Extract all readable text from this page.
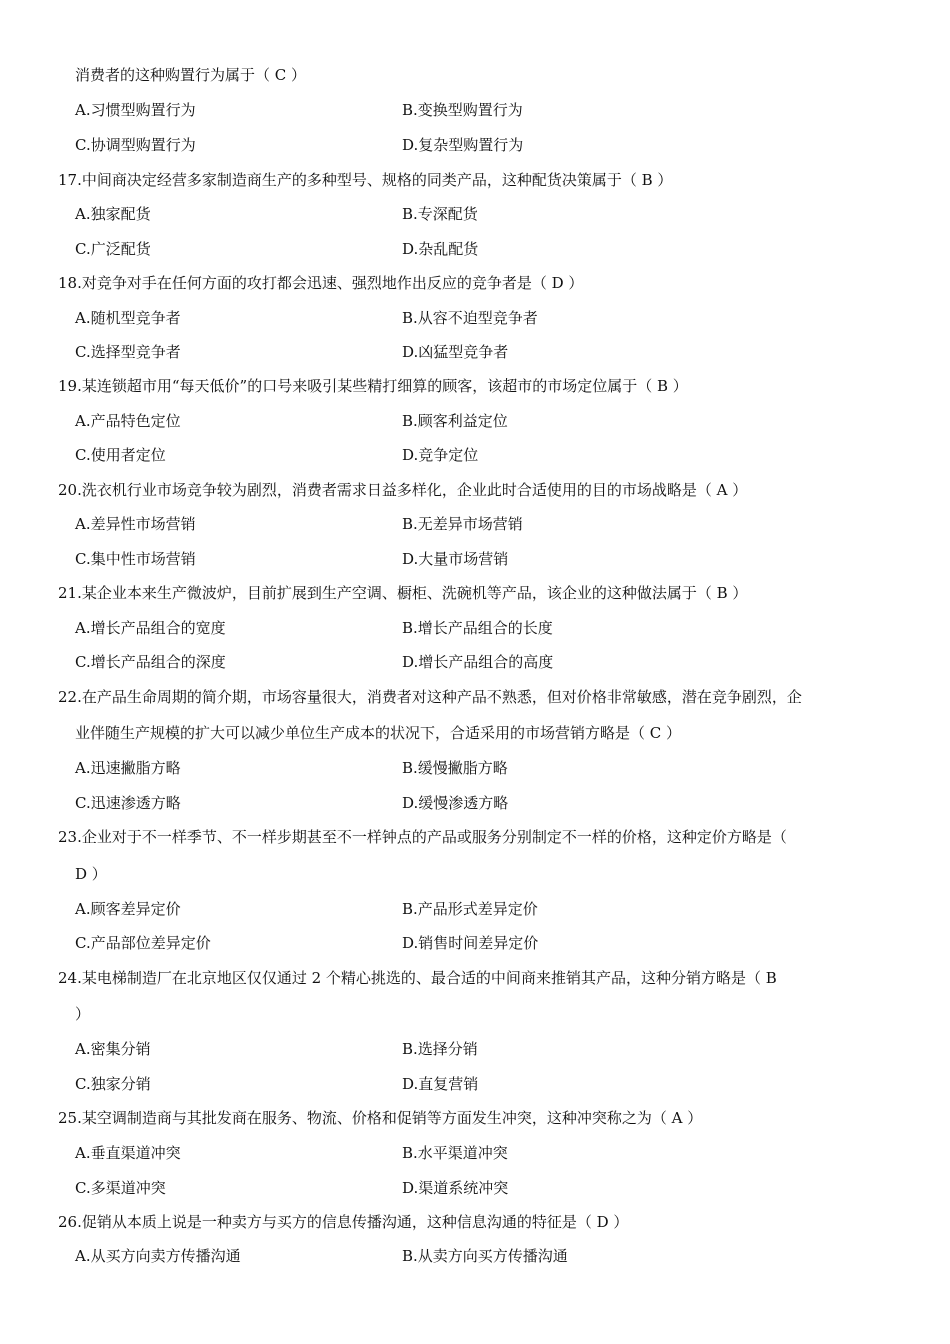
消费者的这种购置行为属于（ C ）
A.习惯型购置行为	B.变换型购置行为
C.协调型购置行为	D.复杂型购置行为
17.中间商决定经营多家制造商生产的多种型号、规格的同类产品，这种配货决策属于（ B ）
A.独家配货	B.专深配货
C.广泛配货	D.杂乱配货
18.对竞争对手在任何方面的攻打都会迅速、强烈地作出反应的竞争者是（ D ）
A.随机型竞争者	B.从容不迫型竞争者
C.选择型竞争者	D.凶猛型竞争者
19.某连锁超市用“每天低价”的口号来吸引某些精打细算的顾客，该超市的市场定位属于（ B ）
A.产品特色定位	B.顾客利益定位
C.使用者定位	D.竞争定位
20.洗衣机行业市场竞争较为剧烈，消费者需求日益多样化，企业此时合适使用的目的市场战略是（ A ）
A.差异性市场营销	B.无差异市场营销
C.集中性市场营销	D.大量市场营销
21.某企业本来生产微波炉，目前扩展到生产空调、橱柜、洗碗机等产品，该企业的这种做法属于（ B ）
A.增长产品组合的宽度	B.增长产品组合的长度
C.增长产品组合的深度	D.增长产品组合的高度
22.在产品生命周期的简介期，市场容量很大，消费者对这种产品不熟悉，但对价格非常敏感，潜在竞争剧烈，企
业伴随生产规模的扩大可以减少单位生产成本的状况下，合适采用的市场营销方略是（ C ）
A.迅速撇脂方略	B.缓慢撇脂方略
C.迅速渗透方略	D.缓慢渗透方略
23.企业对于不一样季节、不一样步期甚至不一样钟点的产品或服务分别制定不一样的价格，这种定价方略是（
D ）
A.顾客差异定价	B.产品形式差异定价
C.产品部位差异定价	D.销售时间差异定价
24.某电梯制造厂在北京地区仅仅通过 2 个精心挑选的、最合适的中间商来推销其产品，这种分销方略是（ B
）
A.密集分销	B.选择分销
C.独家分销	D.直复营销
25.某空调制造商与其批发商在服务、物流、价格和促销等方面发生冲突，这种冲突称之为（ A ）
A.垂直渠道冲突	B.水平渠道冲突
C.多渠道冲突	D.渠道系统冲突
26.促销从本质上说是一种卖方与买方的信息传播沟通，这种信息沟通的特征是（ D ）
A.从买方向卖方传播沟通	B.从卖方向买方传播沟通
